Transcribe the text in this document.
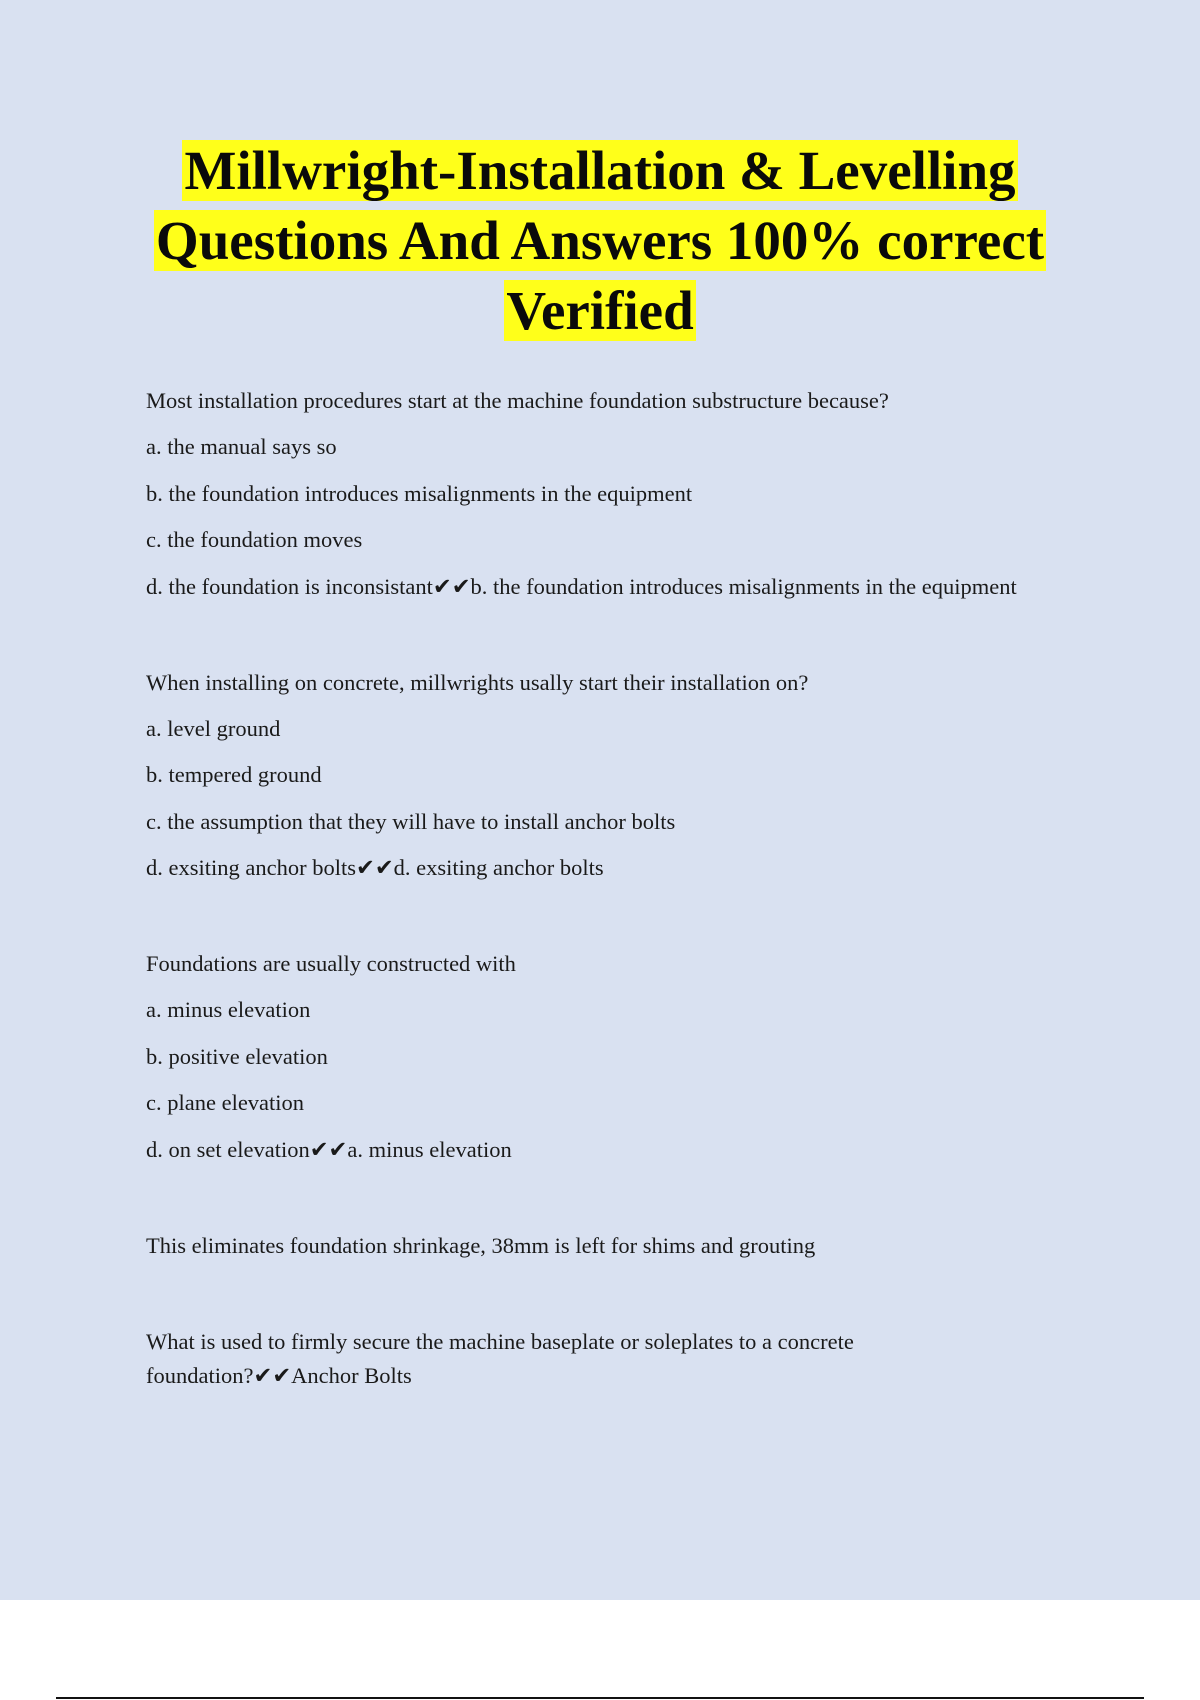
Millwright-Installation & Levelling
Questions And Answers 100% correct
Verified
Most installation procedures start at the machine foundation substructure because?
a. the manual says so
b. the foundation introduces misalignments in the equipment
c. the foundation moves
d. the foundation is inconsistant✔✔b. the foundation introduces misalignments in the equipment
When installing on concrete, millwrights usally start their installation on?
a. level ground
b. tempered ground
c. the assumption that they will have to install anchor bolts
d. exsiting anchor bolts✔✔d. exsiting anchor bolts
Foundations are usually constructed with
a. minus elevation
b. positive elevation
c. plane elevation
d. on set elevation✔✔a. minus elevation
This eliminates foundation shrinkage, 38mm is left for shims and grouting
What is used to firmly secure the machine baseplate or soleplates to a concrete foundation?✔✔Anchor Bolts
